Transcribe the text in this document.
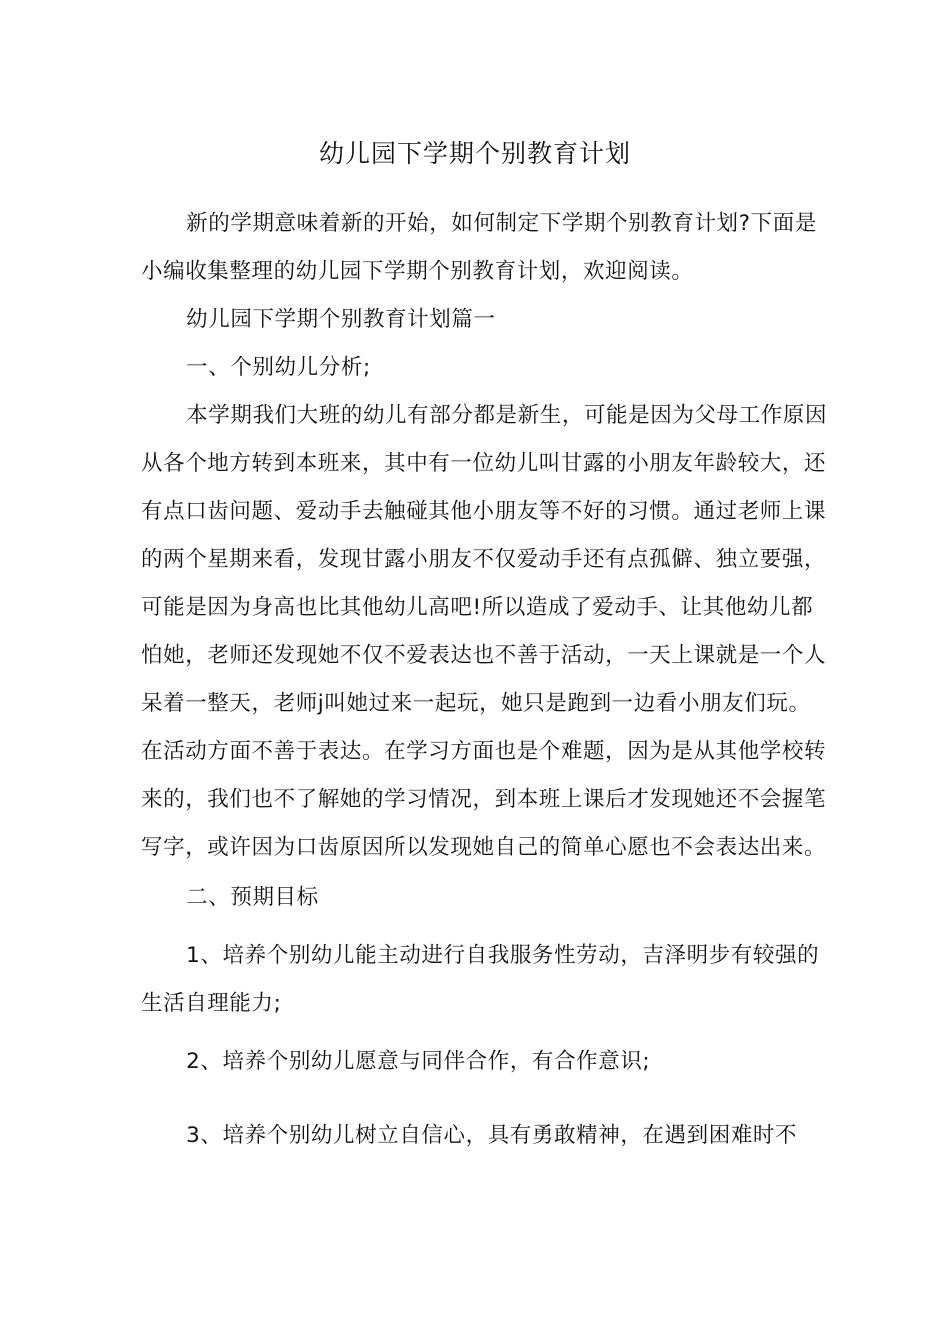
幼儿园下学期个别教育计划

新的学期意味着新的开始，如何制定下学期个别教育计划?下面是小编收集整理的幼儿园下学期个别教育计划，欢迎阅读。

幼儿园下学期个别教育计划篇一

一、个别幼儿分析;

本学期我们大班的幼儿有部分都是新生，可能是因为父母工作原因从各个地方转到本班来，其中有一位幼儿叫甘露的小朋友年龄较大，还有点口齿问题、爱动手去触碰其他小朋友等不好的习惯。通过老师上课的两个星期来看，发现甘露小朋友不仅爱动手还有点孤僻、独立要强，可能是因为身高也比其他幼儿高吧!所以造成了爱动手、让其他幼儿都怕她，老师还发现她不仅不爱表达也不善于活动，一天上课就是一个人呆着一整天，老师j叫她过来一起玩，她只是跑到一边看小朋友们玩。在活动方面不善于表达。在学习方面也是个难题，因为是从其他学校转来的，我们也不了解她的学习情况，到本班上课后才发现她还不会握笔写字，或许因为口齿原因所以发现她自己的简单心愿也不会表达出来。

二、预期目标

1、培养个别幼儿能主动进行自我服务性劳动，吉泽明步有较强的生活自理能力;

2、培养个别幼儿愿意与同伴合作，有合作意识;

3、培养个别幼儿树立自信心，具有勇敢精神，在遇到困难时不
